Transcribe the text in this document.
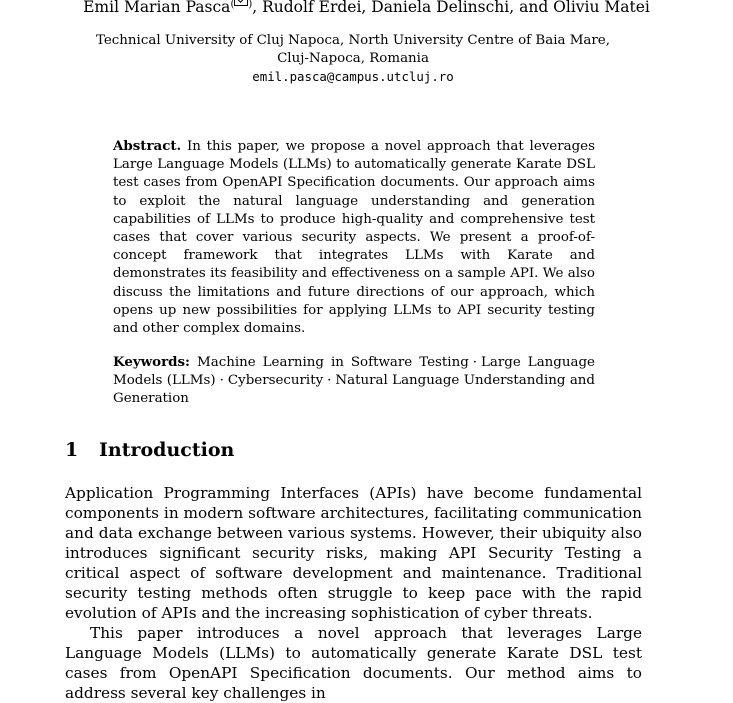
Emil Marian Pasca( ), Rudolf Erdei, Daniela Delinschi, and Oliviu Matei
Technical University of Cluj Napoca, North University Centre of Baia Mare,
Cluj-Napoca, Romania
emil.pasca@campus.utcluj.ro
Abstract. In this paper, we propose a novel approach that leverages Large Language Models (LLMs) to automatically generate Karate DSL test cases from OpenAPI Specification documents. Our approach aims to exploit the natural language understanding and generation capabilities of LLMs to produce high-quality and comprehensive test cases that cover various security aspects. We present a proof-of-concept framework that integrates LLMs with Karate and demonstrates its feasibility and effectiveness on a sample API. We also discuss the limitations and future directions of our approach, which opens up new possibilities for applying LLMs to API security testing and other complex domains.
Keywords: Machine Learning in Software Testing · Large Language Models (LLMs) · Cybersecurity · Natural Language Understanding and Generation
1 Introduction

Application Programming Interfaces (APIs) have become fundamental components in modern software architectures, facilitating communication and data exchange between various systems. However, their ubiquity also introduces significant security risks, making API Security Testing a critical aspect of software development and maintenance. Traditional security testing methods often struggle to keep pace with the rapid evolution of APIs and the increasing sophistication of cyber threats.

This paper introduces a novel approach that leverages Large Language Models (LLMs) to automatically generate Karate DSL test cases from OpenAPI Specification documents. Our method aims to address several key challenges in
